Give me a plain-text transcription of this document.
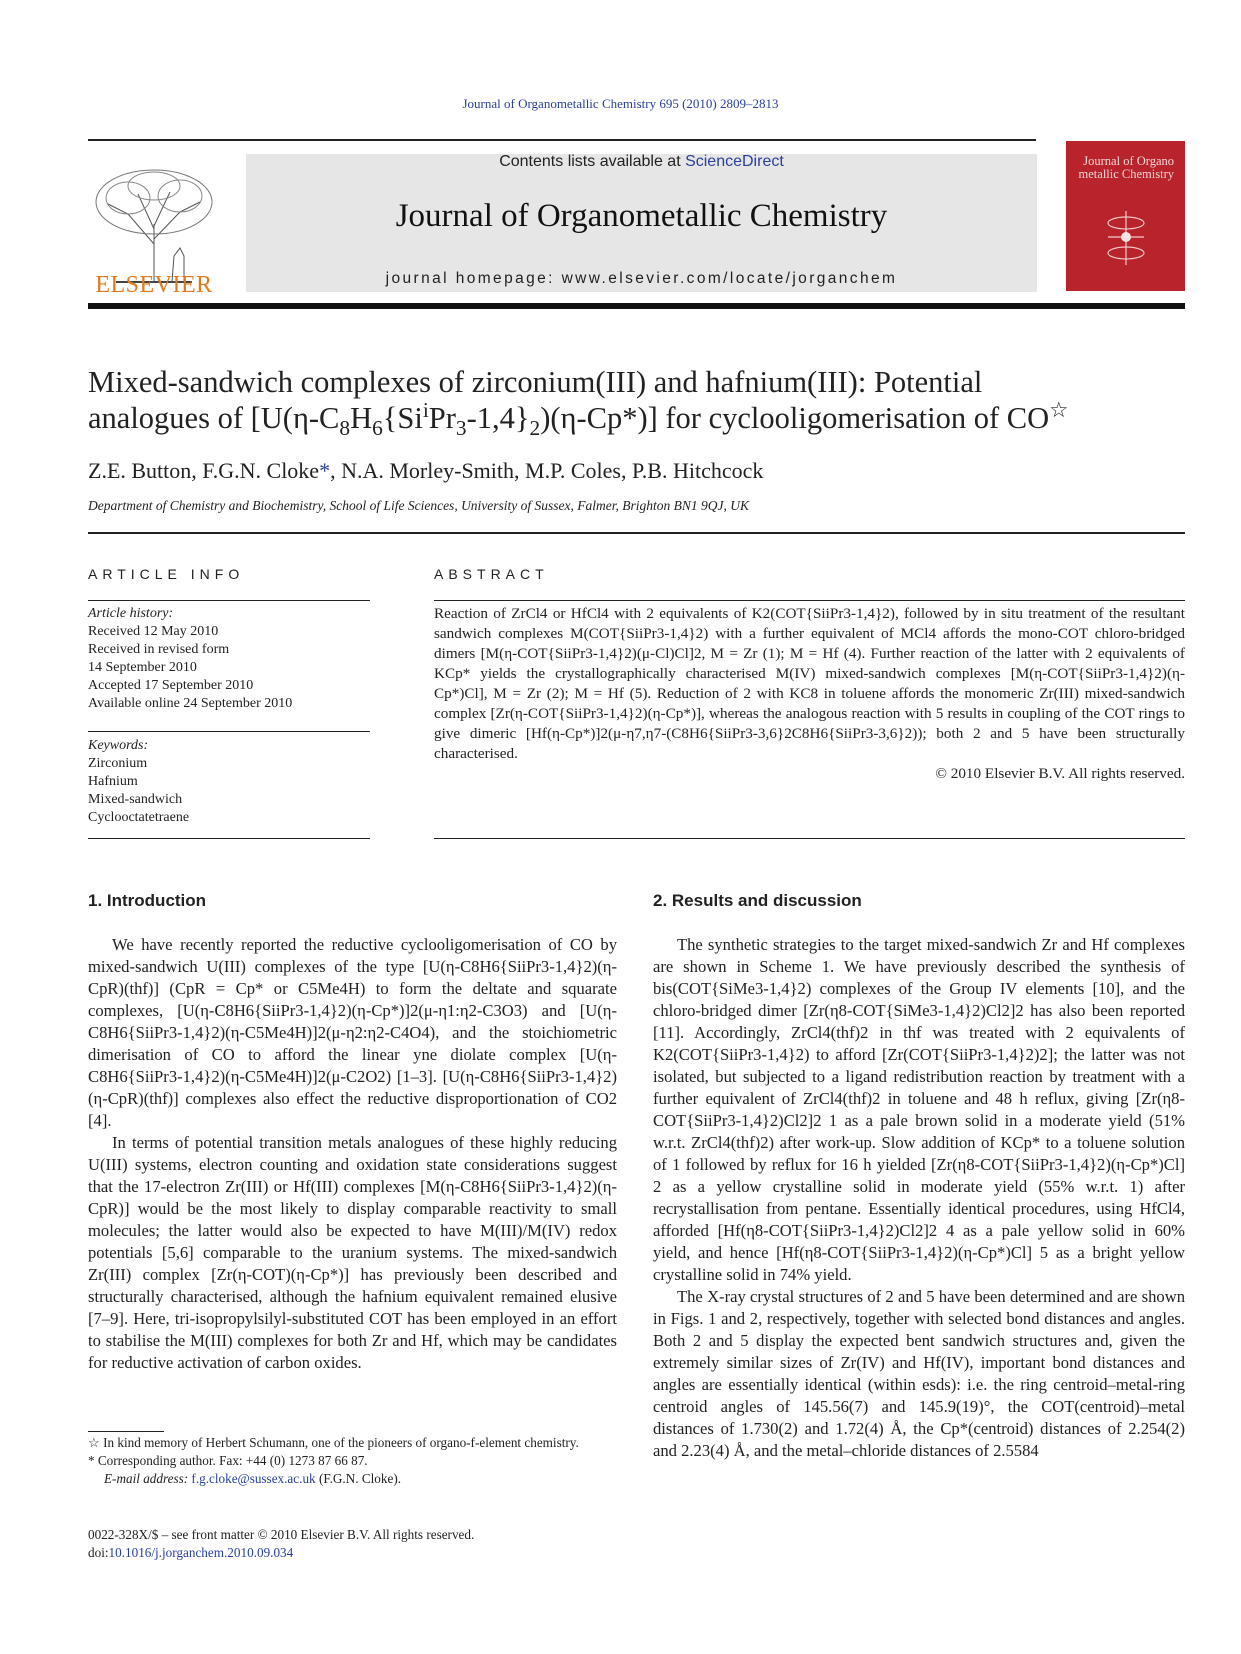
Journal of Organometallic Chemistry 695 (2010) 2809–2813
ELSEVIER
Contents lists available at ScienceDirect
Journal of Organometallic Chemistry
journal homepage: www.elsevier.com/locate/jorganchem
Journal of Organo metallic Chemistry
Mixed-sandwich complexes of zirconium(III) and hafnium(III): Potential
analogues of $[U(\eta-C_8H_6\{Si^iPr_3-1,4\}_2)(\eta-Cp*)]$ for cyclooligomerisation of CO☆
Z.E. Button, F.G.N. Cloke*, N.A. Morley-Smith, M.P. Coles, P.B. Hitchcock
Department of Chemistry and Biochemistry, School of Life Sciences, University of Sussex, Falmer, Brighton BN1 9QJ, UK
ARTICLE INFO	ABSTRACT
Article history:
Received 12 May 2010
Received in revised form
14 September 2010
Accepted 17 September 2010
Available online 24 September 2010
Keywords:
Zirconium
Hafnium
Mixed-sandwich
Cyclooctatetraene
Reaction of ZrCl4 or HfCl4 with 2 equivalents of K2(COT{SiiPr3-1,4}2), followed by in situ treatment of the resultant sandwich complexes M(COT{SiiPr3-1,4}2) with a further equivalent of MCl4 affords the mono-COT chloro-bridged dimers [M(η-COT{SiiPr3-1,4}2)(μ-Cl)Cl]2, M = Zr (1); M = Hf (4). Further reaction of the latter with 2 equivalents of KCp* yields the crystallographically characterised M(IV) mixed-sandwich complexes [M(η-COT{SiiPr3-1,4}2)(η-Cp*)Cl], M = Zr (2); M = Hf (5). Reduction of 2 with KC8 in toluene affords the monomeric Zr(III) mixed-sandwich complex [Zr(η-COT{SiiPr3-1,4}2)(η-Cp*)], whereas the analogous reaction with 5 results in coupling of the COT rings to give dimeric [Hf(η-Cp*)]2(μ-η7,η7-(C8H6{SiiPr3-3,6}2C8H6{SiiPr3-3,6}2)); both 2 and 5 have been structurally characterised.
© 2010 Elsevier B.V. All rights reserved.
1. Introduction	2. Results and discussion

We have recently reported the reductive cyclooligomerisation of CO by mixed-sandwich U(III) complexes of the type [U(η-C8H6{SiiPr3-1,4}2)(η-CpR)(thf)] (CpR = Cp* or C5Me4H) to form the deltate and squarate complexes, [U(η-C8H6{SiiPr3-1,4}2)(η-Cp*)]2(μ-η1:η2-C3O3) and [U(η-C8H6{SiiPr3-1,4}2)(η-C5Me4H)]2(μ-η2:η2-C4O4), and the stoichiometric dimerisation of CO to afford the linear yne diolate complex [U(η-C8H6{SiiPr3-1,4}2)(η-C5Me4H)]2(μ-C2O2) [1–3]. [U(η-C8H6{SiiPr3-1,4}2)(η-CpR)(thf)] complexes also effect the reductive disproportionation of CO2 [4].

In terms of potential transition metals analogues of these highly reducing U(III) systems, electron counting and oxidation state considerations suggest that the 17-electron Zr(III) or Hf(III) complexes [M(η-C8H6{SiiPr3-1,4}2)(η-CpR)] would be the most likely to display comparable reactivity to small molecules; the latter would also be expected to have M(III)/M(IV) redox potentials [5,6] comparable to the uranium systems. The mixed-sandwich Zr(III) complex [Zr(η-COT)(η-Cp*)] has previously been described and structurally characterised, although the hafnium equivalent remained elusive [7–9]. Here, tri-isopropylsilyl-substituted COT has been employed in an effort to stabilise the M(III) complexes for both Zr and Hf, which may be candidates for reductive activation of carbon oxides.

The synthetic strategies to the target mixed-sandwich Zr and Hf complexes are shown in Scheme 1. We have previously described the synthesis of bis(COT{SiMe3-1,4}2) complexes of the Group IV elements [10], and the chloro-bridged dimer [Zr(η8-COT{SiMe3-1,4}2)Cl2]2 has also been reported [11]. Accordingly, ZrCl4(thf)2 in thf was treated with 2 equivalents of K2(COT{SiiPr3-1,4}2) to afford [Zr(COT{SiiPr3-1,4}2)2]; the latter was not isolated, but subjected to a ligand redistribution reaction by treatment with a further equivalent of ZrCl4(thf)2 in toluene and 48 h reflux, giving [Zr(η8-COT{SiiPr3-1,4}2)Cl2]2 1 as a pale brown solid in a moderate yield (51% w.r.t. ZrCl4(thf)2) after work-up. Slow addition of KCp* to a toluene solution of 1 followed by reflux for 16 h yielded [Zr(η8-COT{SiiPr3-1,4}2)(η-Cp*)Cl] 2 as a yellow crystalline solid in moderate yield (55% w.r.t. 1) after recrystallisation from pentane. Essentially identical procedures, using HfCl4, afforded [Hf(η8-COT{SiiPr3-1,4}2)Cl2]2 4 as a pale yellow solid in 60% yield, and hence [Hf(η8-COT{SiiPr3-1,4}2)(η-Cp*)Cl] 5 as a bright yellow crystalline solid in 74% yield.

The X-ray crystal structures of 2 and 5 have been determined and are shown in Figs. 1 and 2, respectively, together with selected bond distances and angles. Both 2 and 5 display the expected bent sandwich structures and, given the extremely similar sizes of Zr(IV) and Hf(IV), important bond distances and angles are essentially identical (within esds): i.e. the ring centroid–metal-ring centroid angles of 145.56(7) and 145.9(19)°, the COT(centroid)–metal distances of 1.730(2) and 1.72(4) Å, the Cp*(centroid) distances of 2.254(2) and 2.23(4) Å, and the metal–chloride distances of 2.5584

☆ In kind memory of Herbert Schumann, one of the pioneers of organo-f-element chemistry.
* Corresponding author. Fax: +44 (0) 1273 87 66 87.
E-mail address: f.g.cloke@sussex.ac.uk (F.G.N. Cloke).
0022-328X/$ – see front matter © 2010 Elsevier B.V. All rights reserved.
doi:10.1016/j.jorganchem.2010.09.034
